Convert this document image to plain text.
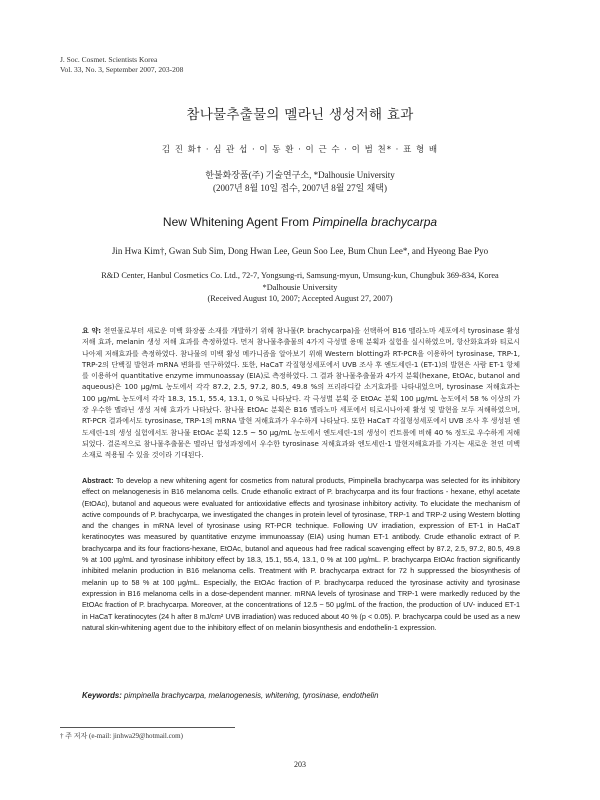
J. Soc. Cosmet. Scientists Korea
Vol. 33, No. 3, September 2007, 203-208
참나물추출물의 멜라닌 생성저해 효과
김 진 화† · 심 관 섭 · 이 동 환 · 이 근 수 · 이 범 천* · 표 형 배
한불화장품(주) 기술연구소, *Dalhousie University
(2007년 8월 10일 접수, 2007년 8월 27일 채택)
New Whitening Agent From Pimpinella brachycarpa
Jin Hwa Kim†, Gwan Sub Sim, Dong Hwan Lee, Geun Soo Lee, Bum Chun Lee*, and Hyeong Bae Pyo
R&D Center, Hanbul Cosmetics Co. Ltd., 72-7, Yongsung-ri, Samsung-myun, Umsung-kun, Chungbuk 369-834, Korea
*Dalhousie University
(Received August 10, 2007; Accepted August 27, 2007)
요 약: 천연물로부터 새로운 미백 화장품 소재를 개발하기 위해 참나물(P. brachycarpa)을 선택하여 B16 멜라노마 세포에서 tyrosinase 활성 저해 효과, melanin 생성 저해 효과를 측정하였다. 먼저 참나물추출물의 4가지 극성별 용매 분획과 실험을 실시하였으며, 항산화효과와 티로시나아제 저해효과를 측정하였다. 참나물의 미백 활성 메카니즘을 알아보기 위해 Western blotting과 RT-PCR을 이용하여 tyrosinase, TRP-1, TRP-2의 단백질 발현과 mRNA 변화를 연구하였다. 또한, HaCaT 각질형성세포에서 UVB 조사 후 엔도세린-1 (ET-1)의 발현은 사람 ET-1 항체를 이용하여 quantitative enzyme immunoassay (EIA)로 측정하였다. 그 결과 참나물추출물과 4가지 분획(hexane, EtOAc, butanol and aqueous)은 100 μg/mL 농도에서 각각 87.2, 2.5, 97.2, 80.5, 49.8 %의 프리라디칼 소거효과를 나타내었으며, tyrosinase 저해효과는 100 μg/mL 농도에서 각각 18.3, 15.1, 55.4, 13.1, 0 %로 나타났다. 각 극성별 분획 중 EtOAc 분획 100 μg/mL 농도에서 58 % 이상의 가장 우수한 멜라닌 생성 저해 효과가 나타났다. 참나물 EtOAc 분획은 B16 멜라노마 세포에서 티로시나아제 활성 및 발현을 모두 저해하였으며, RT-PCR 결과에서도 tyrosinase, TRP-1의 mRNA 발현 저해효과가 우수하게 나타났다. 또한 HaCaT 각질형성세포에서 UVB 조사 후 생성된 엔도세린-1의 생성 실험에서도 참나물 EtOAc 분획 12.5 ~ 50 μg/mL 농도에서 엔도세린-1의 생성이 컨트롤에 비해 40 % 정도로 우수하게 저해되었다. 결론적으로 참나물추출물은 멜라닌 합성과정에서 우수한 tyrosinase 저해효과와 엔도세린-1 발현저해효과를 가지는 새로운 천연 미백 소재로 적용될 수 있을 것이라 기대된다.
Abstract: To develop a new whitening agent for cosmetics from natural products, Pimpinella brachycarpa was selected for its inhibitory effect on melanogenesis in B16 melanoma cells. Crude ethanolic extract of P. brachycarpa and its four fractions - hexane, ethyl acetate (EtOAc), butanol and aqueous were evaluated for antioxidative effects and tyrosinase inhibitory activity. To elucidate the mechanism of active compounds of P. brachycarpa, we investigated the changes in protein level of tyrosinase, TRP-1 and TRP-2 using Western blotting and the changes in mRNA level of tyrosinase using RT-PCR technique. Following UV irradiation, expression of ET-1 in HaCaT keratinocytes was measured by quantitative enzyme immunoassay (EIA) using human ET-1 antibody. Crude ethanolic extract of P. brachycarpa and its four fractions-hexane, EtOAc, butanol and aqueous had free radical scavenging effect by 87.2, 2.5, 97.2, 80.5, 49.8 % at 100 μg/mL and tyrosinase inhibitory effect by 18.3, 15.1, 55.4, 13.1, 0 % at 100 μg/mL. P. brachycarpa EtOAc fraction significantly inhibited melanin production in B16 melanoma cells. Treatment with P. brachycarpa extract for 72 h suppressed the biosynthesis of melanin up to 58 % at 100 μg/mL. Especially, the EtOAc fraction of P. brachycarpa reduced the tyrosinase activity and tyrosinase expression in B16 melanoma cells in a dose-dependent manner. mRNA levels of tyrosinase and TRP-1 were markedly reduced by the EtOAc fraction of P. brachycarpa. Moreover, at the concentrations of 12.5 ~ 50 μg/mL of the fraction, the production of UV- induced ET-1 in HaCaT keratinocytes (24 h after 8 mJ/cm² UVB irradiation) was reduced about 40 % (p < 0.05). P. brachycarpa could be used as a new natural skin-whitening agent due to the inhibitory effect of on melanin biosynthesis and endothelin-1 expression.
Keywords: pimpinella brachycarpa, melanogenesis, whitening, tyrosinase, endothelin
† 주 저자 (e-mail: jinhwa29@hotmail.com)
203
